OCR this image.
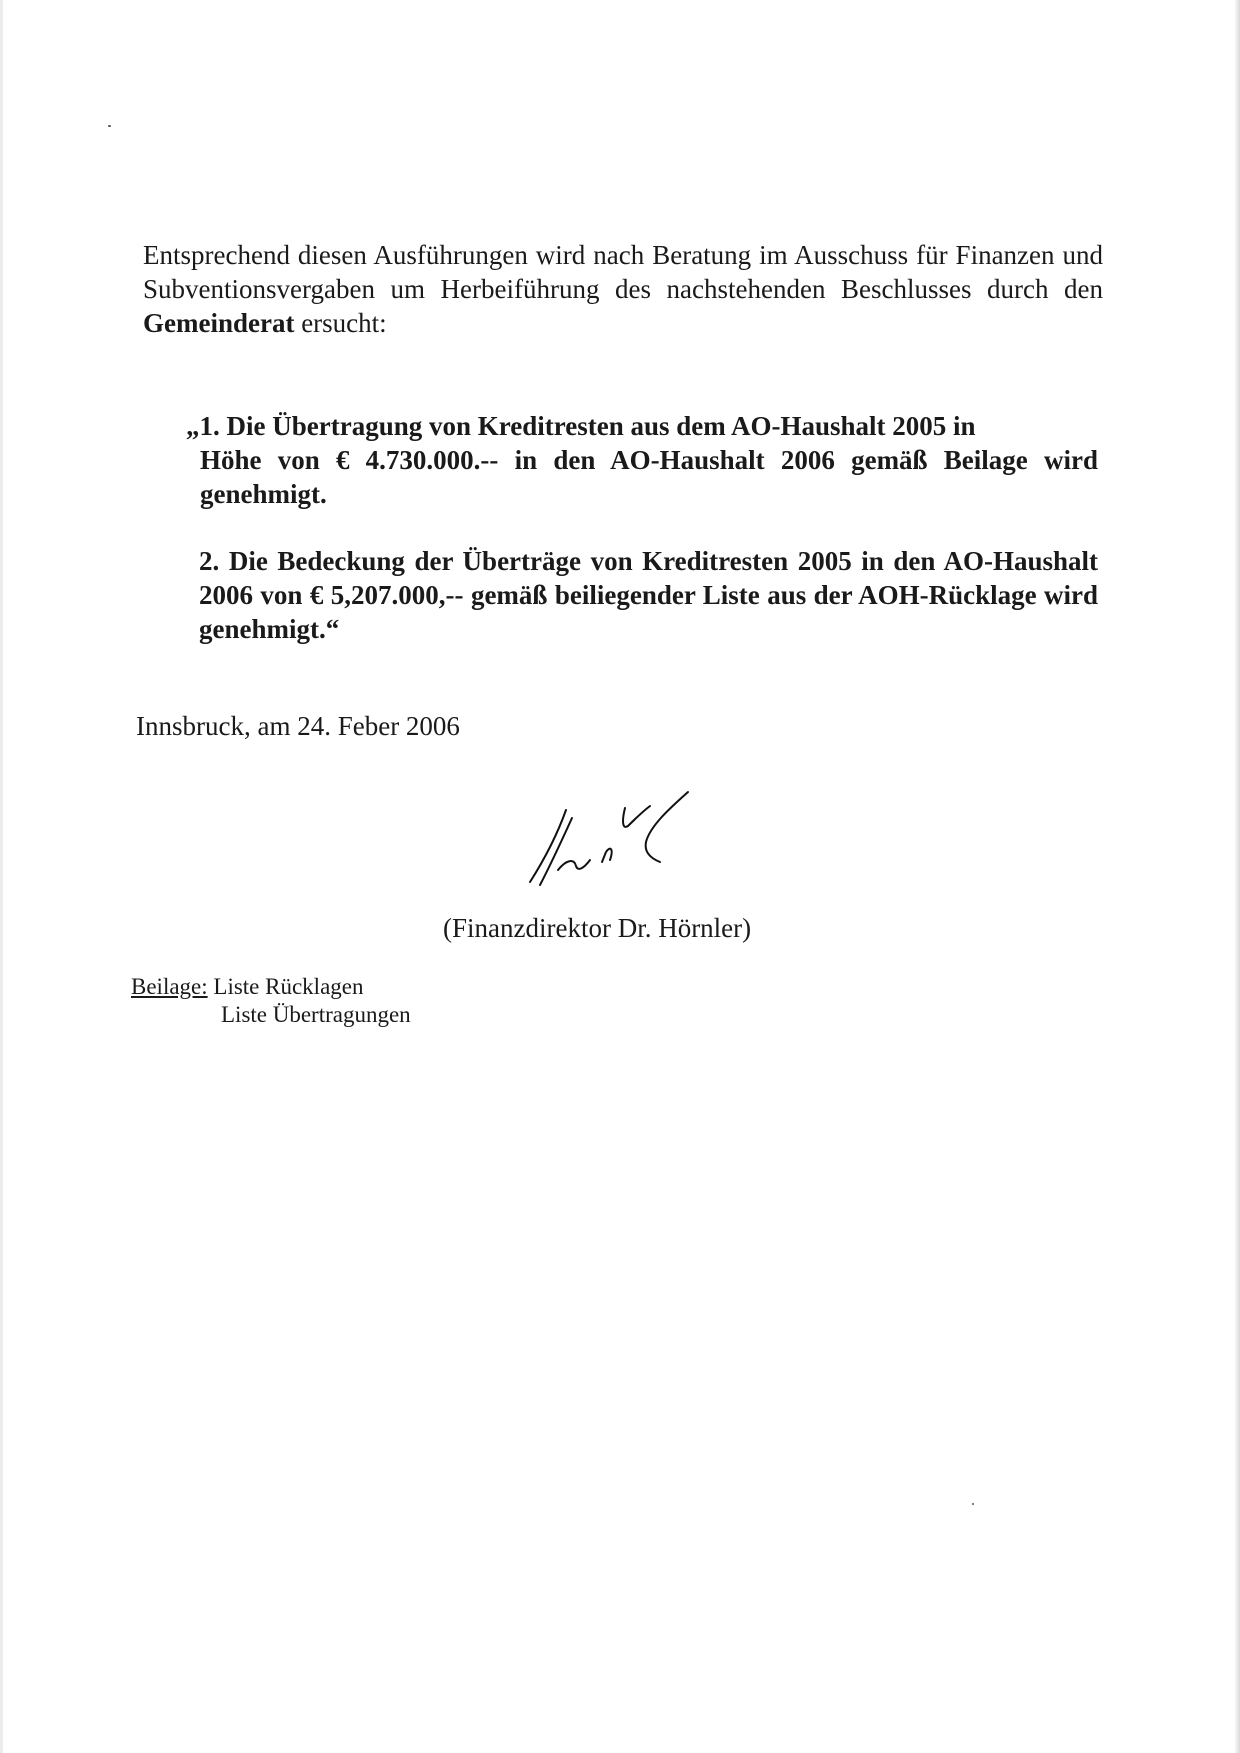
Entsprechend diesen Ausführungen wird nach Beratung im Ausschuss für Finanzen und Subventionsvergaben um Herbeiführung des nachstehenden Beschlusses durch den Gemeinderat ersucht:

„1. Die Übertragung von Kreditresten aus dem AO-Haushalt 2005 in
Höhe von € 4.730.000.-- in den AO-Haushalt 2006 gemäß Beilage wird genehmigt.

2. Die Bedeckung der Überträge von Kreditresten 2005 in den AO-Haushalt 2006 von € 5,207.000,-- gemäß beiliegender Liste aus der AOH-Rücklage wird genehmigt.“

Innsbruck, am 24. Feber 2006

(Finanzdirektor Dr. Hörnler)

Beilage: Liste Rücklagen
Liste Übertragungen
